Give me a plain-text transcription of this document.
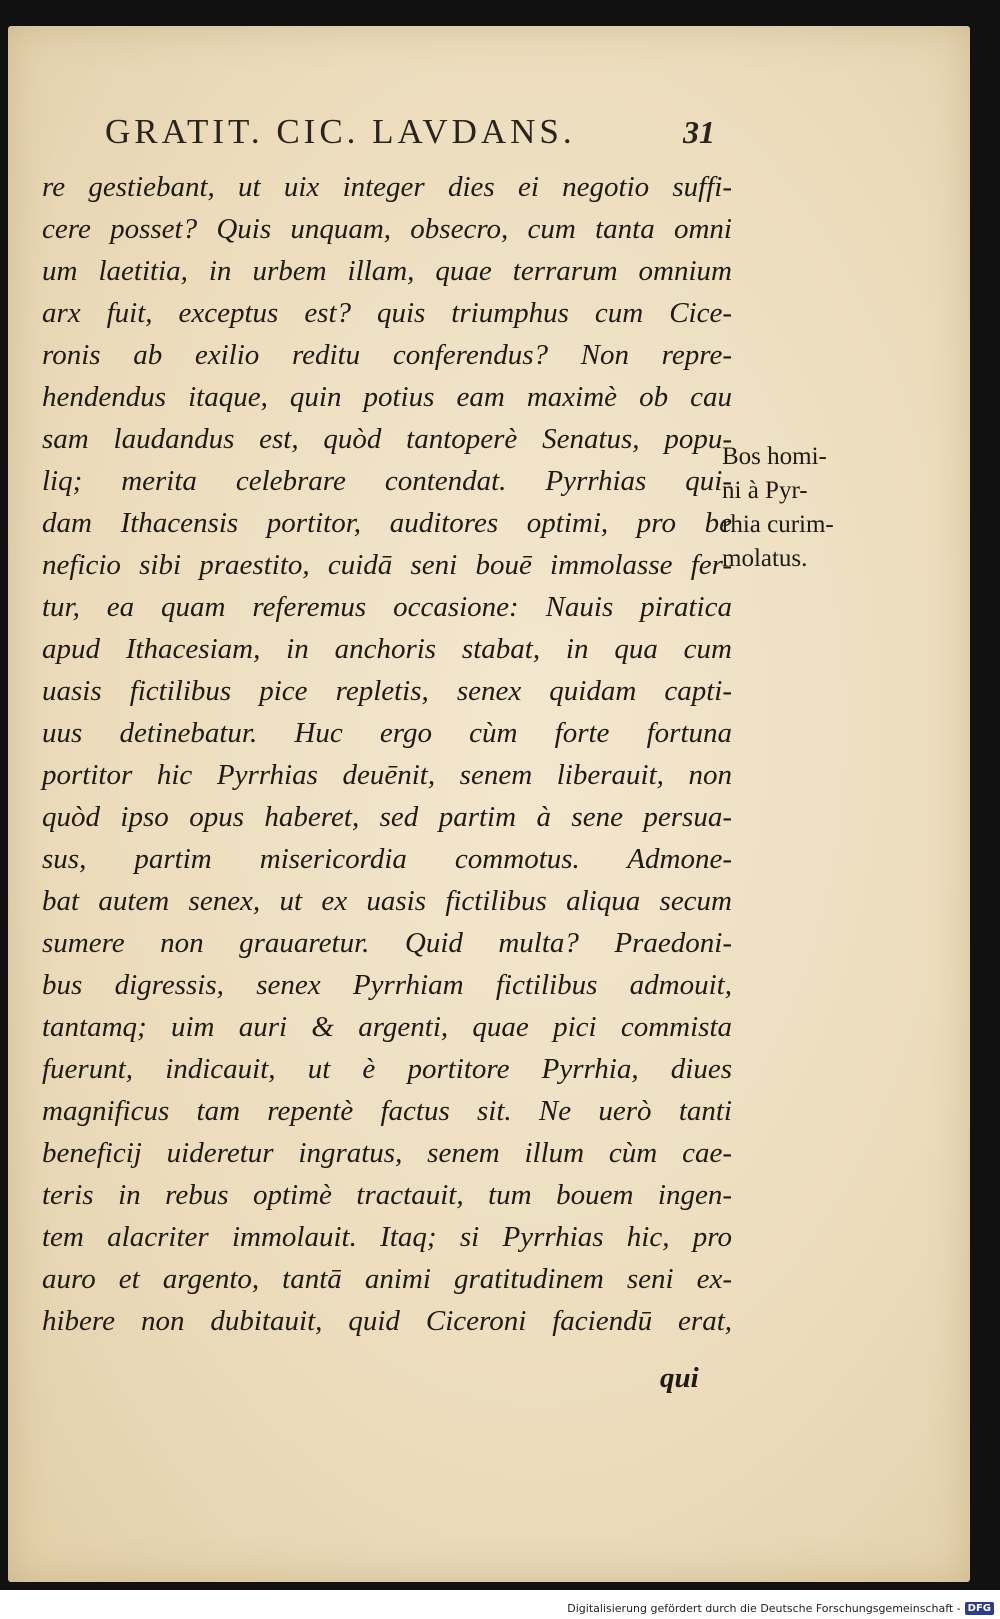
GRATIT. CIC. LAVDANS.	31
re gestiebant, ut uix integer dies ei negotio suffi-
cere posset? Quis unquam, obsecro, cum tanta omni
um laetitia, in urbem illam, quae terrarum omnium
arx fuit, exceptus est? quis triumphus cum Cice-
ronis ab exilio reditu conferendus? Non repre-
hendendus itaque, quin potius eam maximè ob cau
sam laudandus est, quòd tantoperè Senatus, popu-
liq; merita celebrare contendat. Pyrrhias qui-
dam Ithacensis portitor, auditores optimi, pro be
neficio sibi praestito, cuidā seni bouē immolasse fer-
tur, ea quam referemus occasione: Nauis piratica
apud Ithacesiam, in anchoris stabat, in qua cum
uasis fictilibus pice repletis, senex quidam capti-
uus detinebatur. Huc ergo cùm forte fortuna
portitor hic Pyrrhias deuēnit, senem liberauit, non
quòd ipso opus haberet, sed partim à sene persua-
sus, partim misericordia commotus. Admone-
bat autem senex, ut ex uasis fictilibus aliqua secum
sumere non grauaretur. Quid multa? Praedoni-
bus digressis, senex Pyrrhiam fictilibus admouit,
tantamq; uim auri & argenti, quae pici commista
fuerunt, indicauit, ut è portitore Pyrrhia, diues
magnificus tam repentè factus sit. Ne uerò tanti
beneficij uideretur ingratus, senem illum cùm cae-
teris in rebus optimè tractauit, tum bouem ingen-
tem alacriter immolauit. Itaq; si Pyrrhias hic, pro
auro et argento, tantā animi gratitudinem seni ex-
hibere non dubitauit, quid Ciceroni faciendū erat,
qui
Bos homi-
ni à Pyr-
rhia curim-
molatus.
Digitalisierung gefördert durch die Deutsche Forschungsgemeinschaft - DFG
